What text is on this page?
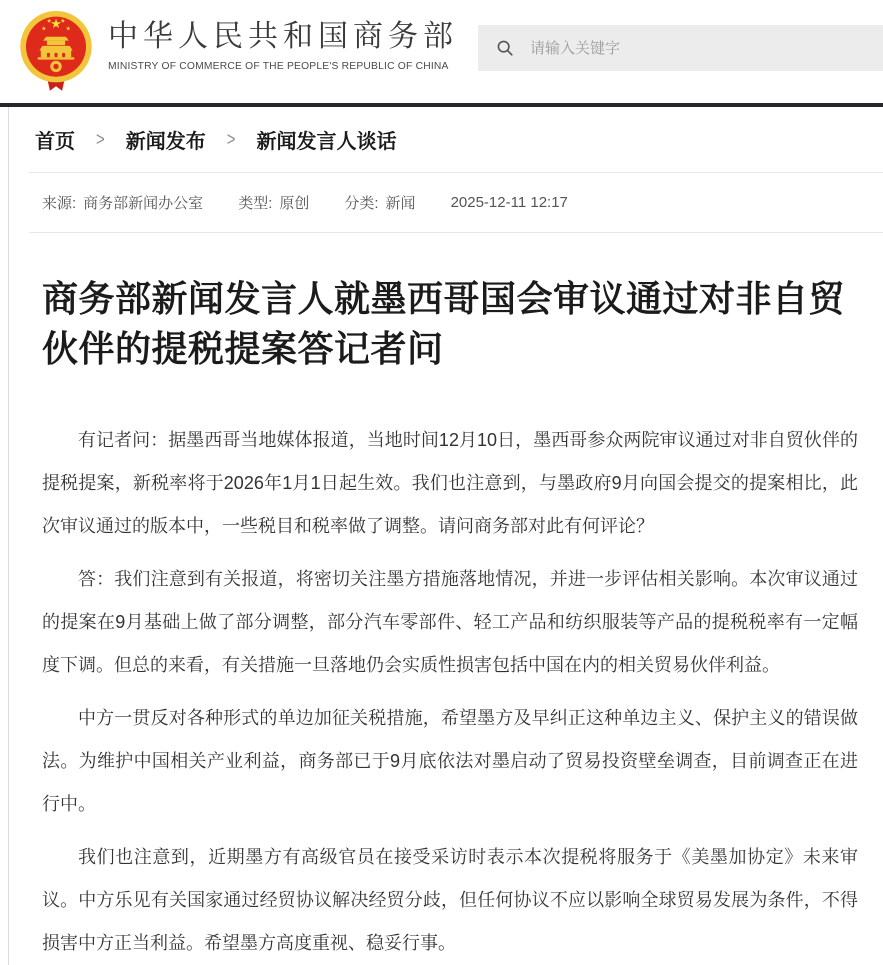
中华人民共和国商务部
MINISTRY OF COMMERCE OF THE PEOPLE'S REPUBLIC OF CHINA
请输入关键字
首页 > 新闻发布 > 新闻发言人谈话
来源: 商务部新闻办公室 类型: 原创 分类: 新闻 2025-12-11 12:17
商务部新闻发言人就墨西哥国会审议通过对非自贸伙伴的提税提案答记者问

有记者问：据墨西哥当地媒体报道，当地时间12月10日，墨西哥参众两院审议通过对非自贸伙伴的提税提案，新税率将于2026年1月1日起生效。我们也注意到，与墨政府9月向国会提交的提案相比，此次审议通过的版本中，一些税目和税率做了调整。请问商务部对此有何评论？

答：我们注意到有关报道，将密切关注墨方措施落地情况，并进一步评估相关影响。本次审议通过的提案在9月基础上做了部分调整，部分汽车零部件、轻工产品和纺织服装等产品的提税税率有一定幅度下调。但总的来看，有关措施一旦落地仍会实质性损害包括中国在内的相关贸易伙伴利益。

中方一贯反对各种形式的单边加征关税措施，希望墨方及早纠正这种单边主义、保护主义的错误做法。为维护中国相关产业利益，商务部已于9月底依法对墨启动了贸易投资壁垒调查，目前调查正在进行中。

我们也注意到，近期墨方有高级官员在接受采访时表示本次提税将服务于《美墨加协定》未来审议。中方乐见有关国家通过经贸协议解决经贸分歧，但任何协议不应以影响全球贸易发展为条件，不得损害中方正当利益。希望墨方高度重视、稳妥行事。
